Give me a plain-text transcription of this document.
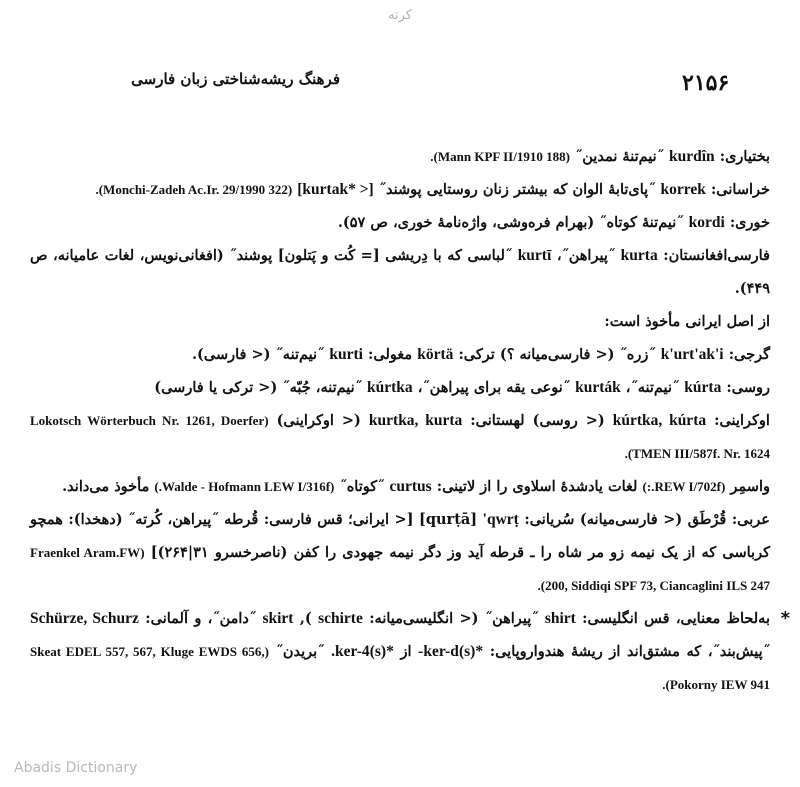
کرته
۲۱۵۶
فرهنگ ریشه‌شناختی زبان فارسی

بختیاری: kurdîn ˝نیم‌تنهٔ نمدین˝ (Mann KPF II/1910 188).

خراسانی: korrek ˝پای‌تابهٔ الوان که بیشتر زنان روستایی پوشند˝ [< *kurtak] (Monchi-Zadeh Ac.Ir. 29/1990 322).

خوری: kordi ˝نیم‌تنهٔ کوتاه˝ (بهرام فره‌وشی، واژه‌نامهٔ خوری، ص ۵۷).

فارسی‌افغانستان: kurta ˝پیراهن˝، kurtī ˝لباسی که با دِریشی [= کُت و پَتلون] پوشند˝ (افغانی‌نویس، لغات عامیانه، ص ۴۴۹).

از اصل ایرانی مأخوذ است:

گرجی: k'urt'ak'i ˝زره˝ (< فارسی‌میانه ؟) ترکی: körtä مغولی: kurti ˝نیم‌تنه˝ (< فارسی).

روسی: kúrta ˝نیم‌تنه˝، kurták ˝نوعی یقه برای پیراهن˝، kúrtka ˝نیم‌تنه، جُبّه˝ (< ترکی یا فارسی)

اوکراینی: kúrtka, kúrta (< روسی) لهستانی: kurtka, kurta (< اوکراینی) (Lokotsch Wörterbuch Nr. 1261, Doerfer TMEN III/587f. Nr. 1624).

واسمِر (REW I/702f.:) لغات یادشدهٔ اسلاوی را از لاتینی: curtus ˝کوتاه˝ (Walde - Hofmann LEW I/316f.) مأخوذ می‌داند.

عربی: قُرْطَق (< فارسی‌میانه) سُریانی: qwrṭ' [qurṭā] [< ایرانی؛ قس فارسی: قُرطه ˝پیراهن، کُرته˝ (دهخدا): همچو کرباسی که از یک نیمه زو مر شاه را ـ قرطه آید وز دگر نیمه جهودی را کفن (ناصرخسرو ۳۱|۲۶۴)] (Fraenkel Aram.FW 200, Siddiqi SPF 73, Ciancaglini ILS 247).

*
به‌لحاظ معنایی، قس انگلیسی: shirt ˝پیراهن˝ (< انگلیسی‌میانه: schirte ), skirt ˝دامن˝، و آلمانی: Schürze, Schurz ˝پیش‌بند˝، که مشتق‌اند از ریشهٔ هندواروپایی: *(s)ker-d- از *(s)ker-4. ˝بریدن˝ (Skeat EDEL 557, 567, Kluge EWDS 656, Pokorny IEW 941).

Abadis Dictionary
